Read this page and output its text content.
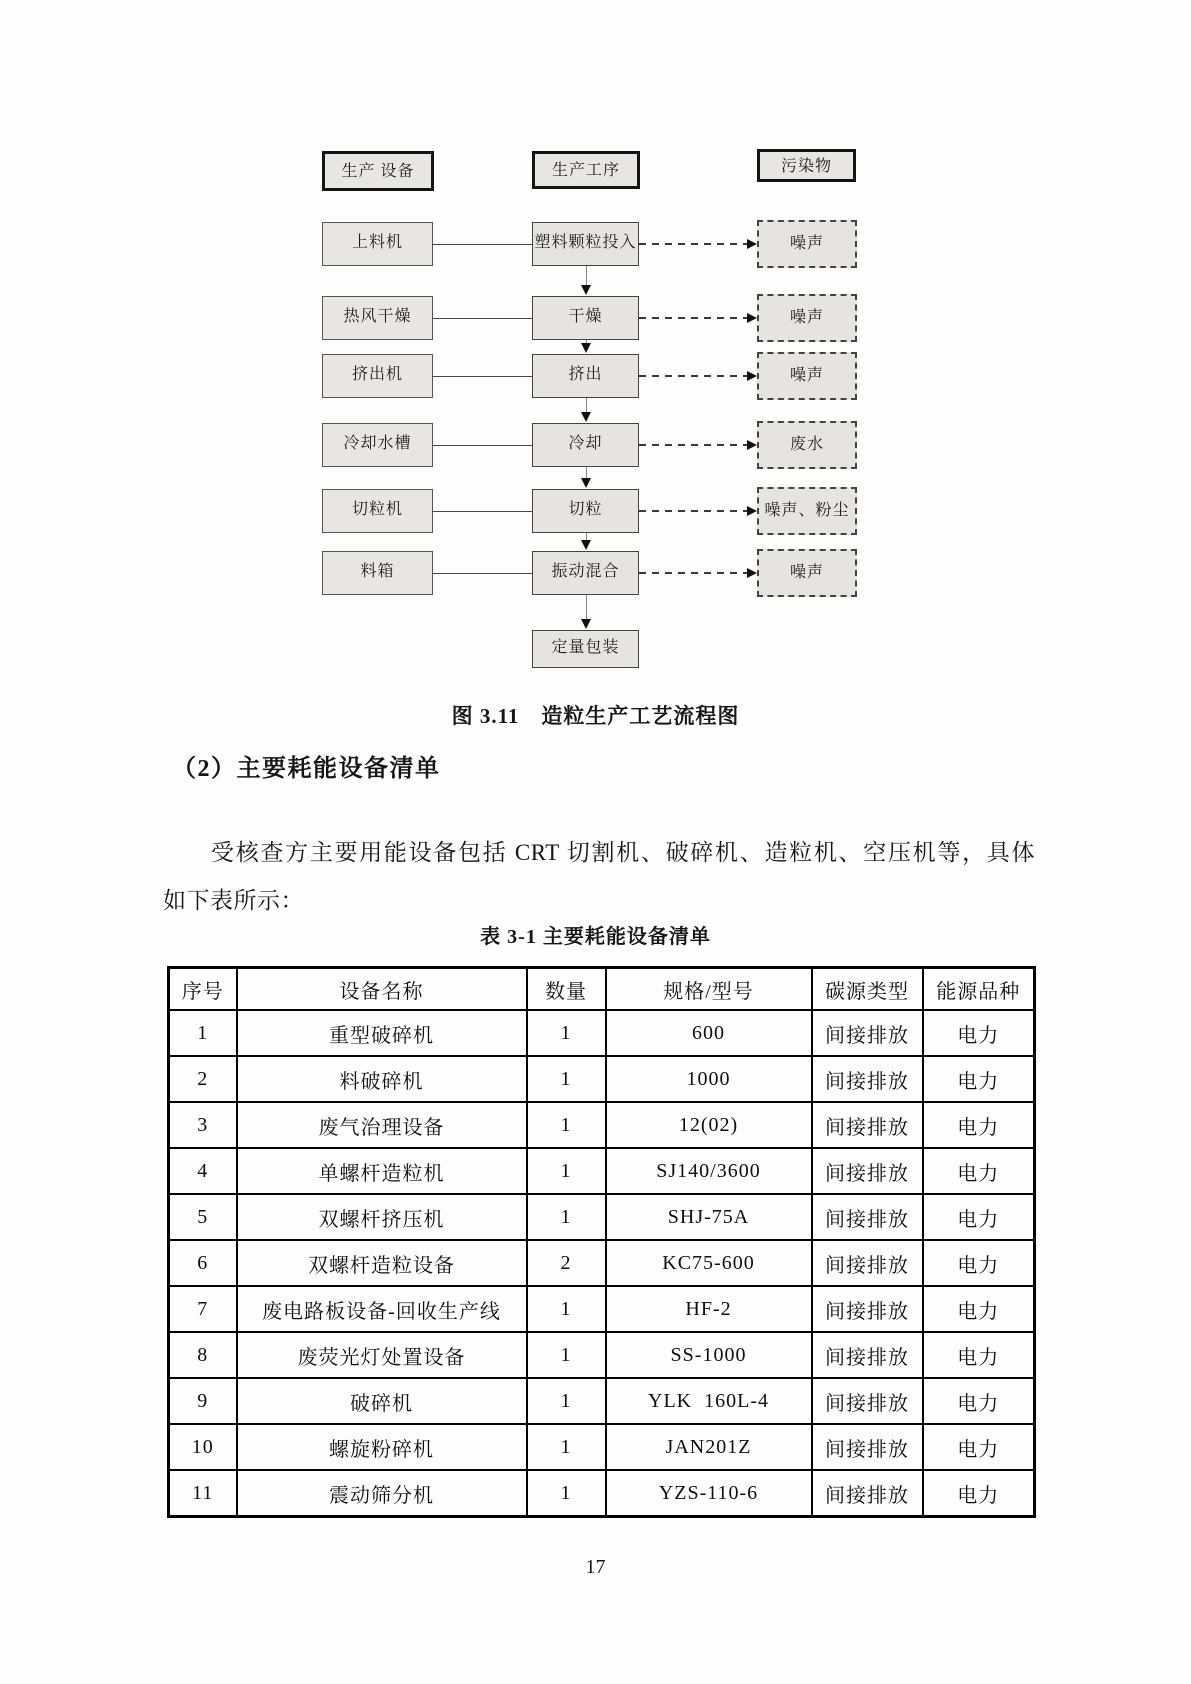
生产 设备	生产工序	污染物
上料机	塑料颗粒投入	噪声
热风干燥	干燥	噪声
挤出机	挤出	噪声
冷却水槽	冷却	废水
切粒机	切粒	噪声、粉尘
料箱	振动混合	噪声
定量包装
图 3.11　造粒生产工艺流程图
（2）主要耗能设备清单

受核查方主要用能设备包括 CRT 切割机、破碎机、造粒机、空压机等，具体
如下表所示：

表 3-1 主要耗能设备清单
序号	设备名称	数量	规格/型号	碳源类型	能源品种
1	重型破碎机	1	600	间接排放	电力
2	料破碎机	1	1000	间接排放	电力
3	废气治理设备	1	12(02)	间接排放	电力
4	单螺杆造粒机	1	SJ140/3600	间接排放	电力
5	双螺杆挤压机	1	SHJ-75A	间接排放	电力
6	双螺杆造粒设备	2	KC75-600	间接排放	电力
7	废电路板设备-回收生产线	1	HF-2	间接排放	电力
8	废荧光灯处置设备	1	SS-1000	间接排放	电力
9	破碎机	1	YLK  160L-4	间接排放	电力
10	螺旋粉碎机	1	JAN201Z	间接排放	电力
11	震动筛分机	1	YZS-110-6	间接排放	电力
17
